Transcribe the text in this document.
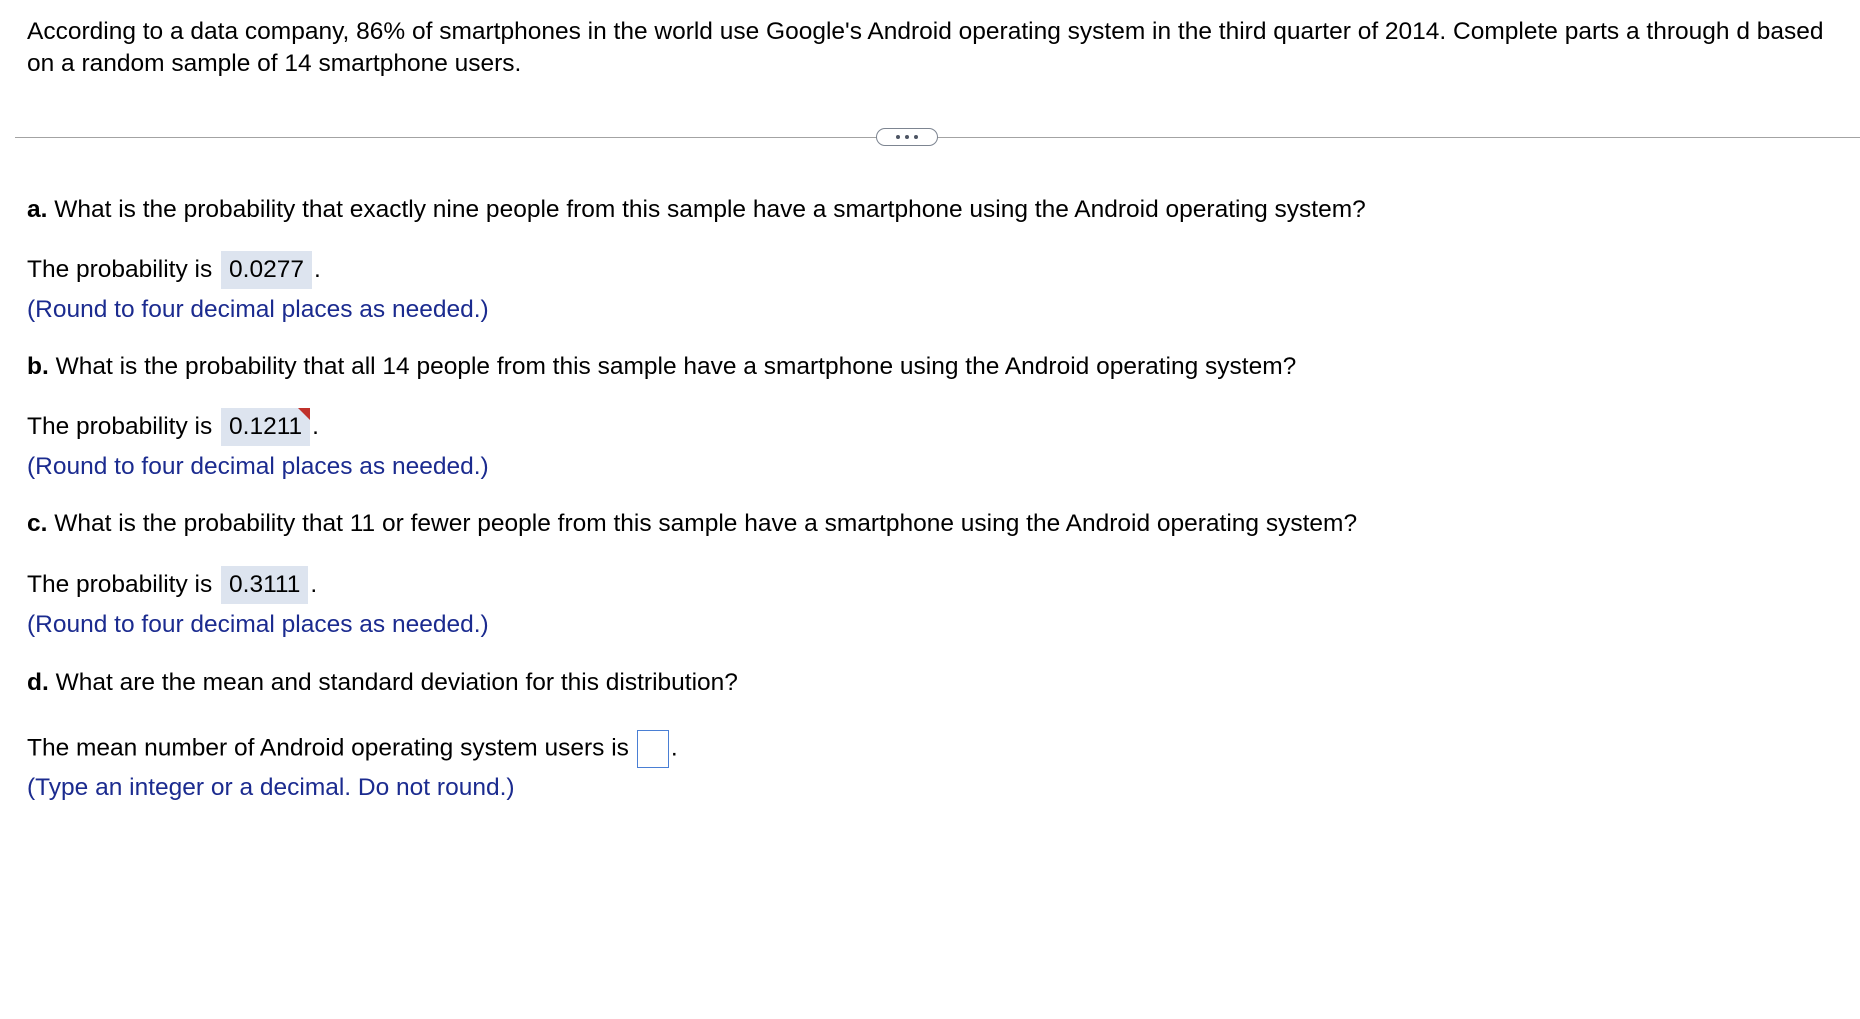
According to a data company, 86% of smartphones in the world use Google's Android operating system in the third quarter of 2014. Complete parts a through d based on a random sample of 14 smartphone users.
a. What is the probability that exactly nine people from this sample have a smartphone using the Android operating system?
The probability is 0.0277 .
(Round to four decimal places as needed.)
b. What is the probability that all 14 people from this sample have a smartphone using the Android operating system?
The probability is 0.1211 .
(Round to four decimal places as needed.)
c. What is the probability that 11 or fewer people from this sample have a smartphone using the Android operating system?
The probability is 0.3111 .
(Round to four decimal places as needed.)
d. What are the mean and standard deviation for this distribution?
The mean number of Android operating system users is .
(Type an integer or a decimal. Do not round.)
